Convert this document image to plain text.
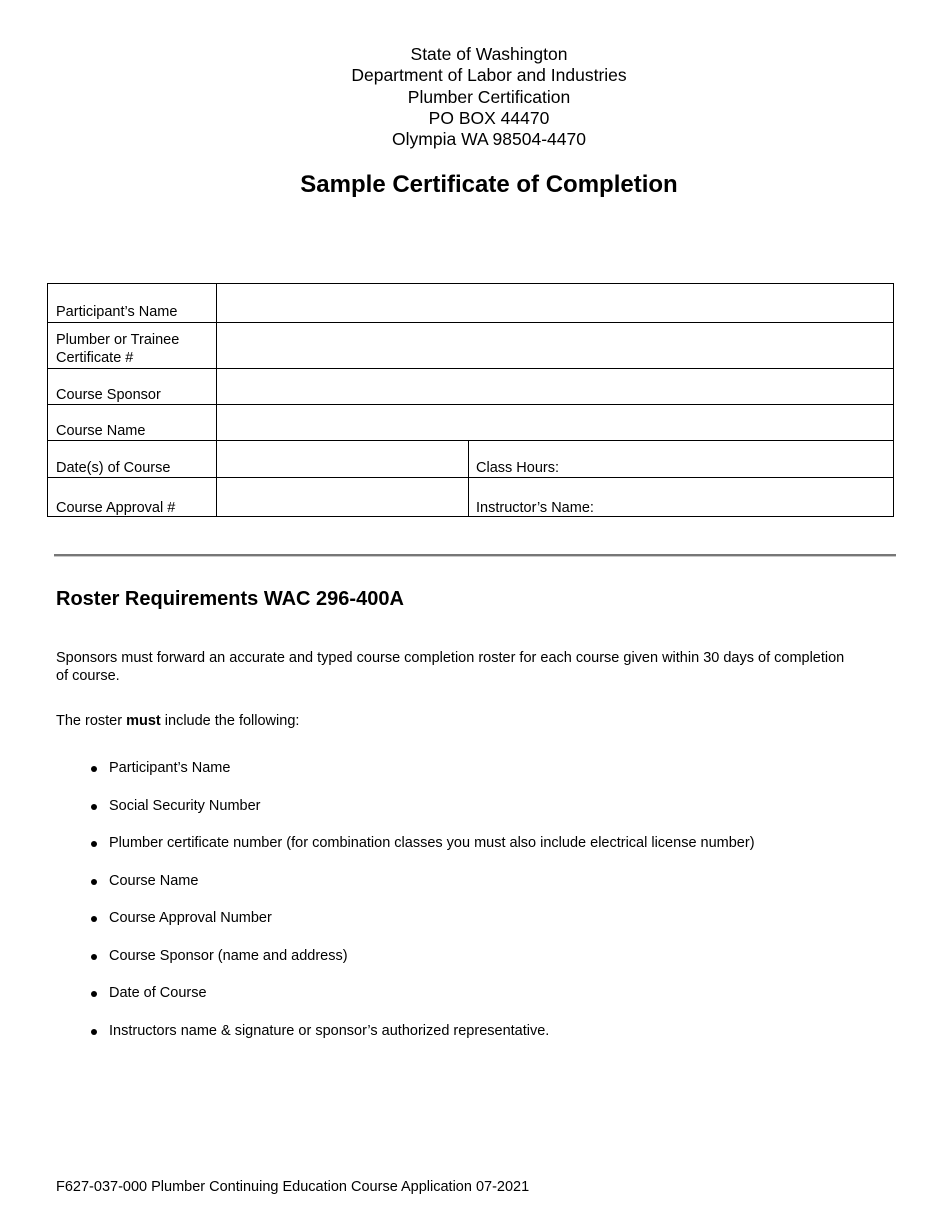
State of Washington
Department of Labor and Industries
Plumber Certification
PO BOX 44470
Olympia WA 98504-4470
Sample Certificate of Completion
Participant’s Name
Plumber or Trainee
Certificate #
Course Sponsor
Course Name
Date(s) of Course	Class Hours:
Course Approval #	Instructor’s Name:
Roster Requirements WAC 296-400A
Sponsors must forward an accurate and typed course completion roster for each course given within 30 days of completion of course.
The roster must include the following:
Participant’s Name
Social Security Number
Plumber certificate number (for combination classes you must also include electrical license number)
Course Name
Course Approval Number
Course Sponsor (name and address)
Date of Course
Instructors name & signature or sponsor’s authorized representative.
F627-037-000 Plumber Continuing Education Course Application 07-2021
